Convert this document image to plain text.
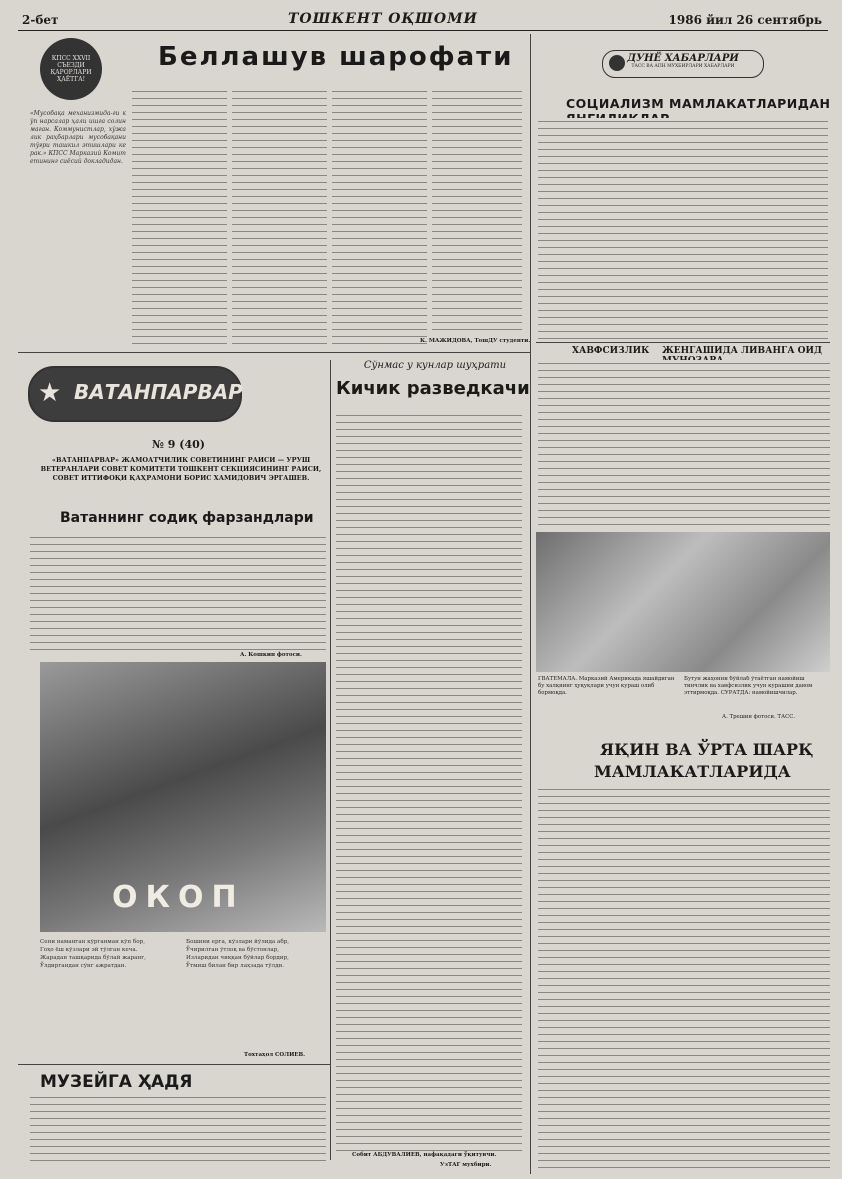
2-бет	ТОШКЕНТ ОҚШОМИ	1986 йил 26 сентябрь
КПСС ХХVII СЪЕЗДИ ҚАРОРЛАРИ ҲАЁТГА!
Беллашув шарофати
«Мусобақа механизмида-ги кўп нарсалар ҳали ишга солинмаган. Коммунистлар, хўжалик раҳбарлари мусобақани тўғри ташкил этишлари керак.» КПСС Марказий Комитетининг сиёсий докладидан.
К. МАЖИДОВА, ТошДУ студенти.
ДУНЁ ХАБАРЛАРИ
ТАСС ВА АПН МУХБИРЛАРИ ХАБАРЛАРИ
СОЦИАЛИЗМ МАМЛАКАТЛАРИДАН
ХАВФСИЗЛИК ЖЕНГАШИДА ЛИВАНГА ОИД
ГВАТЕМАЛА. Марказий Америкада яшайдиган бу халқнинг ҳуқуқлари учун кураш олиб бормоқда.
Бутун жаҳонни бўйлаб ўтаётган намойиш тинчлик ва хавфсизлик учун курашни давом эттирмоқда. СУРАТДА: намойишчилар.
А. Трешин фотоси. ТАСС.
ЯҚИН ВА ЎРТА ШАРҚ
МАМЛАКАТЛАРИДА
Сўнмас у кунлар шуҳрати
★ ВАТАНПАРВАР
№ 9 (40)
«ВАТАНПАРВАР» ЖАМОАТЧИЛИК СОВЕТИНИНГ РАИСИ — УРУШ ВЕТЕРАНЛАРИ СОВЕТ КОМИТЕТИ ТОШКЕНТ СЕКЦИЯСИНИНГ РАИСИ, СОВЕТ ИТТИФОҚИ ҚАҲРАМОНИ БОРИС ХАМИДОВИЧ ЭРГАШЕВ.
Кичик разведкачи
Собит АБДУВАЛИЕВ, нафақадаги ўқитувчи.
Ватаннинг содиқ фарзандлари
А. Кошкин фотоси.
ОКОП
Сени наманган кўрганман кўп бор,
Гоҳо ёш кўзлари эй тўлган кеча.
Жарадан ташқарида бўлай жаранг,
Ўлдиргандан сўнг ажратдан.
Бошини ерга, кўзлари йўлида абр,
Ўчирилган ўтлоқ ва бўстонлар,
Изларидан чиққан бўйлар бордир,
Ўтмиш билан бир лаҳзада тўлди.
Тохтаҳол СОЛИЕВ.
МУЗЕЙГА ҲАДЯ
УзТАГ мухбири.
